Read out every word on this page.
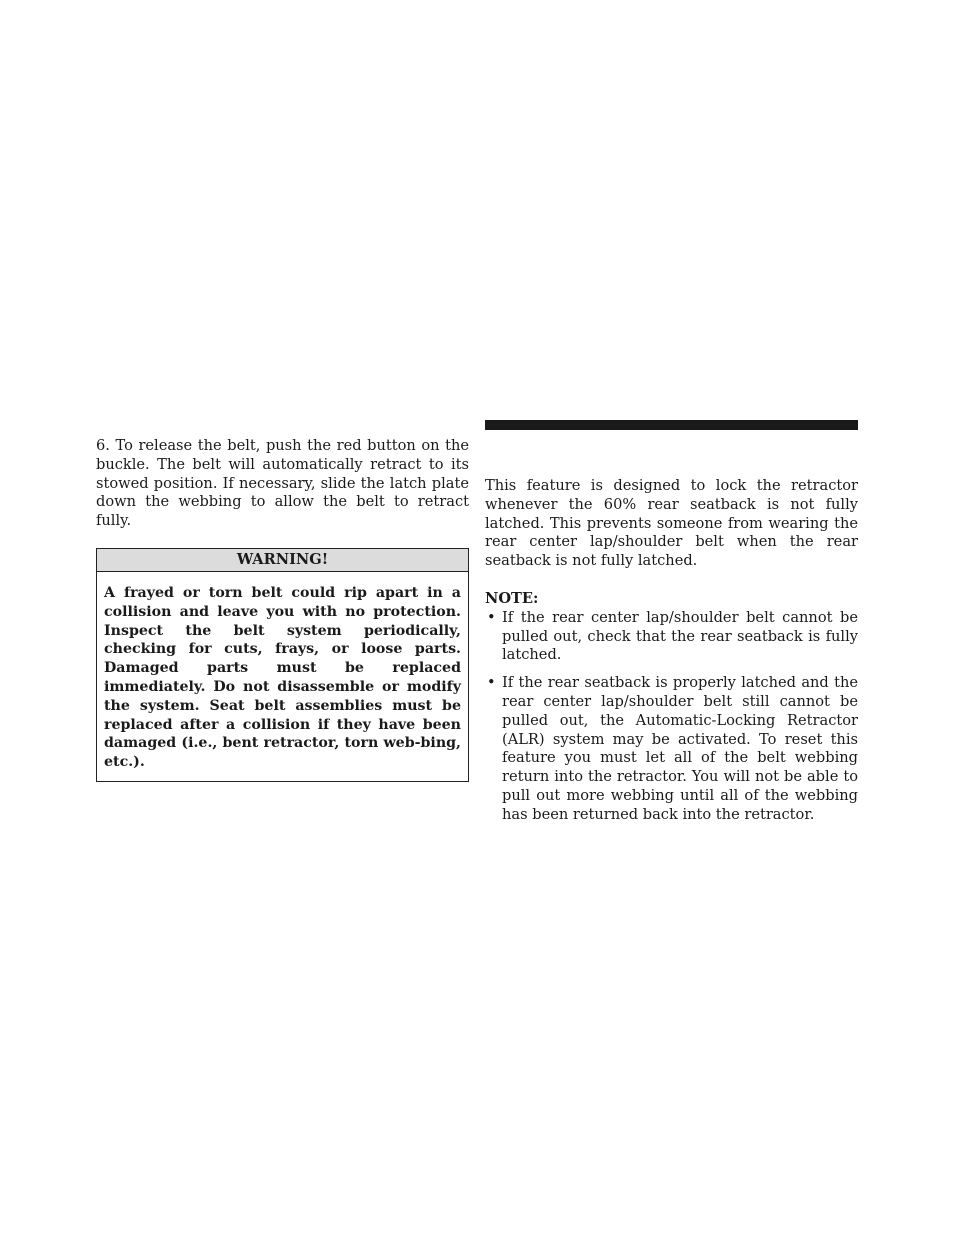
6. To release the belt, push the red button on the buckle. The belt will automatically retract to its stowed position. If necessary, slide the latch plate down the webbing to allow the belt to retract fully.

WARNING!
A frayed or torn belt could rip apart in a collision and leave you with no protection. Inspect the belt system periodically, checking for cuts, frays, or loose parts. Damaged parts must be replaced immediately. Do not disassemble or modify the system. Seat belt assemblies must be replaced after a collision if they have been damaged (i.e., bent retractor, torn web-bing, etc.).

This feature is designed to lock the retractor whenever the 60% rear seatback is not fully latched. This prevents someone from wearing the rear center lap/shoulder belt when the rear seatback is not fully latched.

NOTE:
• If the rear center lap/shoulder belt cannot be pulled out, check that the rear seatback is fully latched.
• If the rear seatback is properly latched and the rear center lap/shoulder belt still cannot be pulled out, the Automatic-Locking Retractor (ALR) system may be activated. To reset this feature you must let all of the belt webbing return into the retractor. You will not be able to pull out more webbing until all of the webbing has been returned back into the retractor.
